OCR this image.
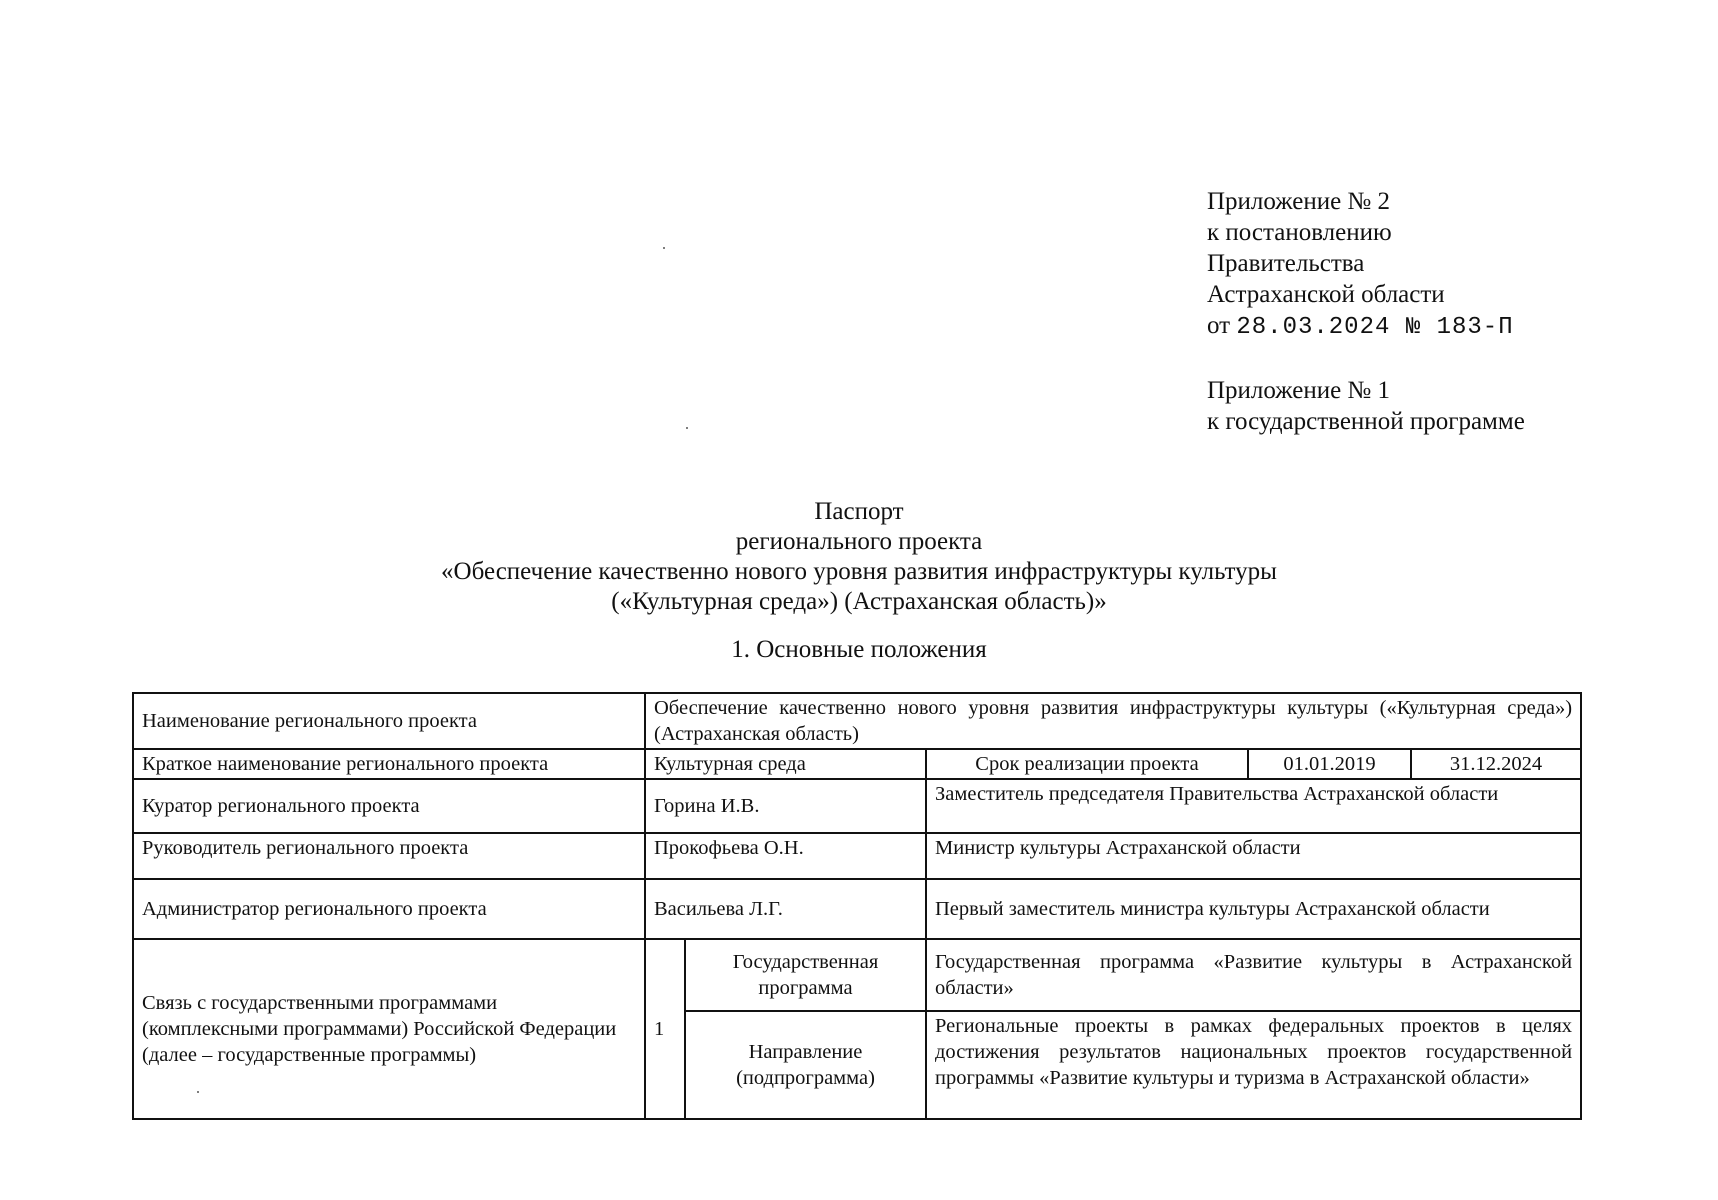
Приложение № 2
к постановлению
Правительства
Астраханской области
от 28.03.2024 № 183-П
Приложение № 1
к государственной программе
Паспорт
регионального проекта
«Обеспечение качественно нового уровня развития инфраструктуры культуры
(«Культурная среда») (Астраханская область)»
1. Основные положения
Наименование регионального проекта	Обеспечение качественно нового уровня развития инфраструктуры культуры («Культурная среда») (Астраханская область)				
Краткое наименование регионального проекта	Культурная среда		Срок реализации проекта	01.01.2019	31.12.2024
Куратор регионального проекта	Горина И.В.		Заместитель председателя Правительства Астраханской области		
Руководитель регионального проекта	Прокофьева О.Н.		Министр культуры Астраханской области		
Администратор регионального проекта	Васильева Л.Г.		Первый заместитель министра культуры Астраханской области		
Связь с государственными программами (комплексными программами) Российской Федерации (далее – государственные программы)	1	Государственная программа	Государственная программа «Развитие культуры в Астраханской области»		
		Направление (подпрограмма)	Региональные проекты в рамках федеральных проектов в целях достижения результатов национальных проектов государственной программы «Развитие культуры и туризма в Астраханской области»		
